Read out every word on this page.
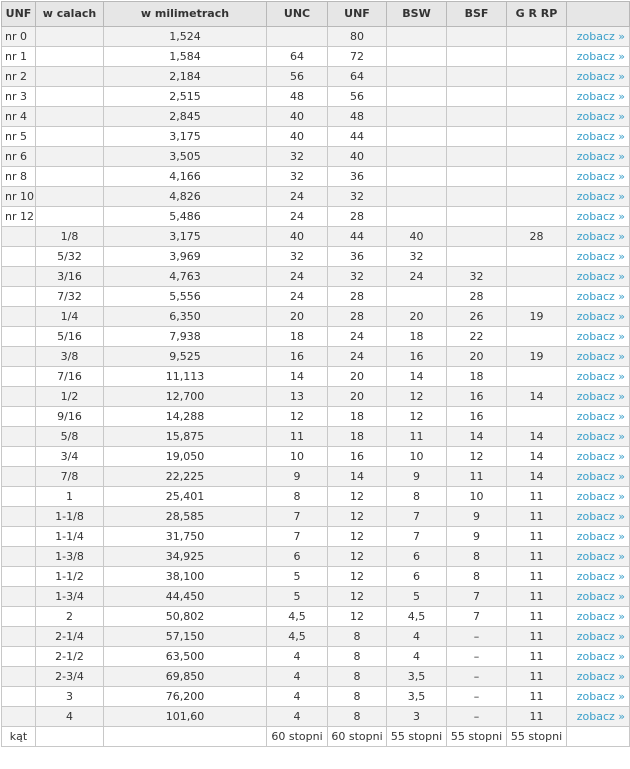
UNF	w calach	w milimetrach	UNC	UNF	BSW	BSF	G R RP	
nr 0		1,524		80				zobacz »
nr 1		1,584	64	72				zobacz »
nr 2		2,184	56	64				zobacz »
nr 3		2,515	48	56				zobacz »
nr 4		2,845	40	48				zobacz »
nr 5		3,175	40	44				zobacz »
nr 6		3,505	32	40				zobacz »
nr 8		4,166	32	36				zobacz »
nr 10		4,826	24	32				zobacz »
nr 12		5,486	24	28				zobacz »
	1/8	3,175	40	44	40		28	zobacz »
	5/32	3,969	32	36	32			zobacz »
	3/16	4,763	24	32	24	32		zobacz »
	7/32	5,556	24	28		28		zobacz »
	1/4	6,350	20	28	20	26	19	zobacz »
	5/16	7,938	18	24	18	22		zobacz »
	3/8	9,525	16	24	16	20	19	zobacz »
	7/16	11,113	14	20	14	18		zobacz »
	1/2	12,700	13	20	12	16	14	zobacz »
	9/16	14,288	12	18	12	16		zobacz »
	5/8	15,875	11	18	11	14	14	zobacz »
	3/4	19,050	10	16	10	12	14	zobacz »
	7/8	22,225	9	14	9	11	14	zobacz »
	1	25,401	8	12	8	10	11	zobacz »
	1-1/8	28,585	7	12	7	9	11	zobacz »
	1-1/4	31,750	7	12	7	9	11	zobacz »
	1-3/8	34,925	6	12	6	8	11	zobacz »
	1-1/2	38,100	5	12	6	8	11	zobacz »
	1-3/4	44,450	5	12	5	7	11	zobacz »
	2	50,802	4,5	12	4,5	7	11	zobacz »
	2-1/4	57,150	4,5	8	4	–	11	zobacz »
	2-1/2	63,500	4	8	4	–	11	zobacz »
	2-3/4	69,850	4	8	3,5	–	11	zobacz »
	3	76,200	4	8	3,5	–	11	zobacz »
	4	101,60	4	8	3	–	11	zobacz »
kąt			60 stopni	60 stopni	55 stopni	55 stopni	55 stopni	
